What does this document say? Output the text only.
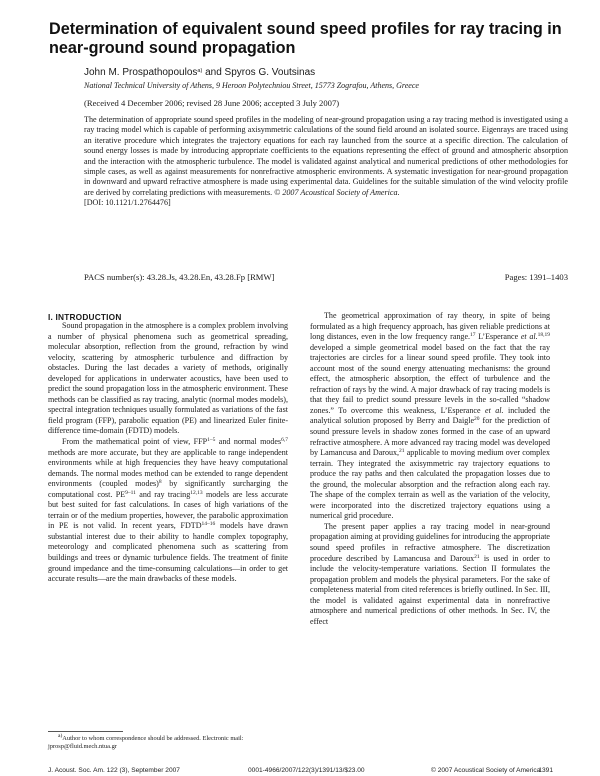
Determination of equivalent sound speed profiles for ray tracing in near-ground sound propagation
John M. Prospathopoulos$^{a)}$ and Spyros G. Voutsinas
National Technical University of Athens, 9 Heroon Polytechniou Street, 15773 Zografou, Athens, Greece
(Received 4 December 2006; revised 28 June 2006; accepted 3 July 2007)

The determination of appropriate sound speed profiles in the modeling of near-ground propagation using a ray tracing method is investigated using a ray tracing model which is capable of performing axisymmetric calculations of the sound field around an isolated source. Eigenrays are traced using an iterative procedure which integrates the trajectory equations for each ray launched from the source at a specific direction. The calculation of sound energy losses is made by introducing appropriate coefficients to the equations representing the effect of ground and atmospheric absorption and the interaction with the atmospheric turbulence. The model is validated against analytical and numerical predictions of other methodologies for simple cases, as well as against measurements for nonrefractive atmospheric environments. A systematic investigation for near-ground propagation in downward and upward refractive atmosphere is made using experimental data. Guidelines for the suitable simulation of the wind velocity profile are derived by correlating predictions with measurements. © 2007 Acoustical Society of America.

[DOI: 10.1121/1.2764476]
PACS number(s): 43.28.Js, 43.28.En, 43.28.Fp [RMW]	Pages: 1391–1403
I. INTRODUCTION

Sound propagation in the atmosphere is a complex problem involving a number of physical phenomena such as geometrical spreading, molecular absorption, reflection from the ground, refraction by wind velocity, scattering by atmospheric turbulence and diffraction by obstacles. During the last decades a variety of methods, originally developed for applications in underwater acoustics, have been used to predict the sound propagation loss in the atmospheric environment. These methods can be classified as ray tracing, analytic (normal modes models), spectral integration techniques usually formulated as variations of the fast field program (FFP), parabolic equation (PE) and linearized Euler finite-difference time-domain (FDTD) models.

From the mathematical point of view, FFP$^{1-5}$ and normal modes$^{6,7}$ methods are more accurate, but they are applicable to range independent environments while at high frequencies they have heavy computational demands. The normal modes method can be extended to range dependent environments (coupled modes)$^8$ by significantly surcharging the computational cost. PE$^{9-11}$ and ray tracing$^{12,13}$ models are less accurate but best suited for fast calculations. In cases of high variations of the terrain or of the medium properties, however, the parabolic approximation in PE is not valid. In recent years, FDTD$^{14-16}$ models have drawn substantial interest due to their ability to handle complex topography, meteorology and complicated phenomena such as scattering from buildings and trees or dynamic turbulence fields. The treatment of finite ground impedance and the time-consuming calculations—in order to get accurate results—are the main drawbacks of these models.

The geometrical approximation of ray theory, in spite of being formulated as a high frequency approach, has given reliable predictions at long distances, even in the low frequency range.$^{17}$ L’Esperance et al.$^{18,19}$ developed a simple geometrical model based on the fact that the ray trajectories are circles for a linear sound speed profile. They took into account most of the sound energy attenuating mechanisms: the ground effect, the atmospheric absorption, the effect of turbulence and the refraction of rays by the wind. A major drawback of ray tracing models is that they fail to predict sound pressure levels in the so-called “shadow zones.” To overcome this weakness, L’Esperance et al. included the analytical solution proposed by Berry and Daigle$^{20}$ for the prediction of sound pressure levels in shadow zones formed in the case of an upward refractive atmosphere. A more advanced ray tracing model was developed by Lamancusa and Daroux,$^{21}$ applicable to moving medium over complex terrain. They integrated the axisymmetric ray trajectory equations to produce the ray paths and then calculated the propagation losses due to the ground, the molecular absorption and the refraction along each ray. The shape of the complex terrain as well as the variation of the velocity, were incorporated into the discretized trajectory equations using a numerical grid procedure.

The present paper applies a ray tracing model in near-ground propagation aiming at providing guidelines for introducing the appropriate sound speed profiles in refractive atmosphere. The discretization procedure described by Lamancusa and Daroux$^{21}$ is used in order to include the velocity-temperature variations. Section II formulates the propagation problem and models the physical parameters. For the sake of completeness material from cited references is briefly outlined. In Sec. III, the model is validated against experimental data in nonrefractive atmosphere and numerical predictions of other methods. In Sec. IV, the effect

$^{a)}$Author to whom correspondence should be addressed. Electronic mail:
jprosp@fluid.mech.ntua.gr
J. Acoust. Soc. Am. 122 (3), September 2007	0001-4966/2007/122(3)/1391/13/$23.00	© 2007 Acoustical Society of America
1391
